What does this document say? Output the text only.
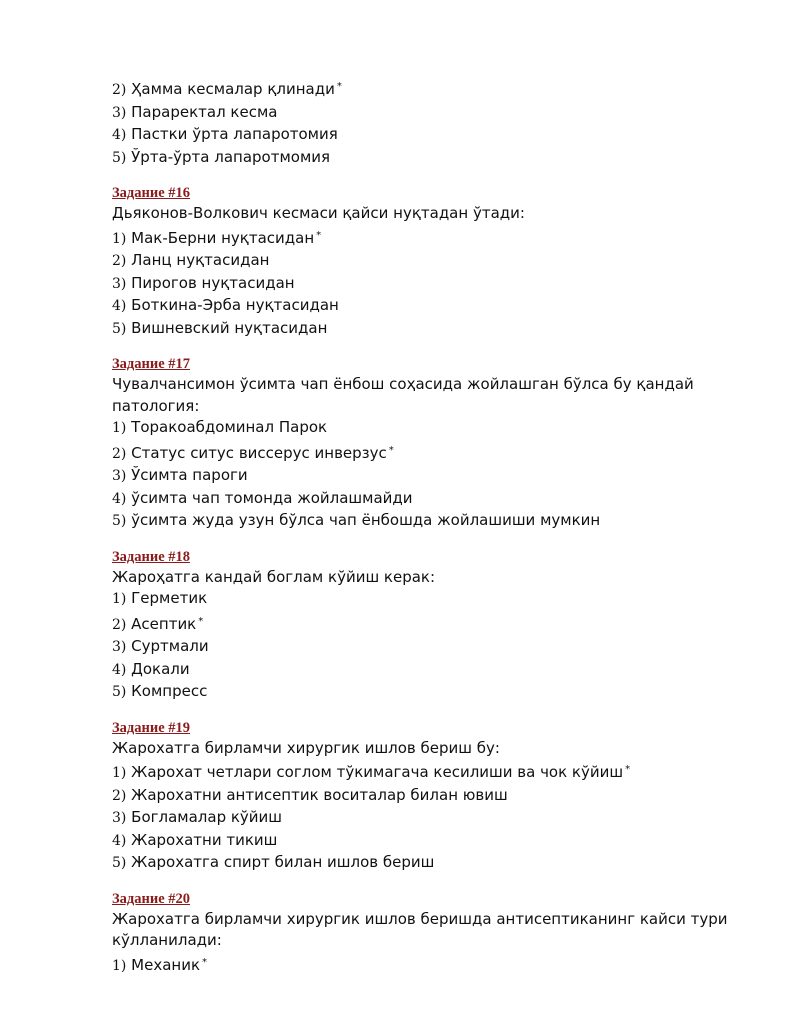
2) Ҳамма кесмалар қлинади *

3) Параректал кесма

4) Пастки ўрта лапаротомия

5) Ўрта-ўрта лапаротмомия

Задание #16

Дьяконов-Волкович кесмаси қайси нуқтадан ўтади:

1) Мак-Берни нуқтасидан *

2) Ланц нуқтасидан

3) Пирогов нуқтасидан

4) Боткина-Эрба нуқтасидан

5) Вишневский нуқтасидан

Задание #17

Чувалчансимон ўсимта чап ёнбош соҳасида жойлашган бўлса бу қандай патология:

1) Торакоабдоминал Парок

2) Статус ситус виссерус инверзус *

3) Ўсимта пароги

4) ўсимта чап томонда жойлашмайди

5) ўсимта жуда узун бўлса чап ёнбошда жойлашиши мумкин

Задание #18

Жароҳатга кандай боглам кўйиш керак:

1) Герметик

2) Асептик *

3) Суртмали

4) Докали

5) Компресс

Задание #19

Жарохатга бирламчи хирургик ишлов бериш бу:

1) Жарохат четлари соглом тўкимагача кесилиши ва чок кўйиш *

2) Жарохатни антисептик воситалар билан ювиш

3) Богламалар кўйиш

4) Жарохатни тикиш

5) Жарохатга спирт билан ишлов бериш

Задание #20

Жарохатга бирламчи хирургик ишлов беришда антисептиканинг кайси тури кўлланилади:

1) Механик *
